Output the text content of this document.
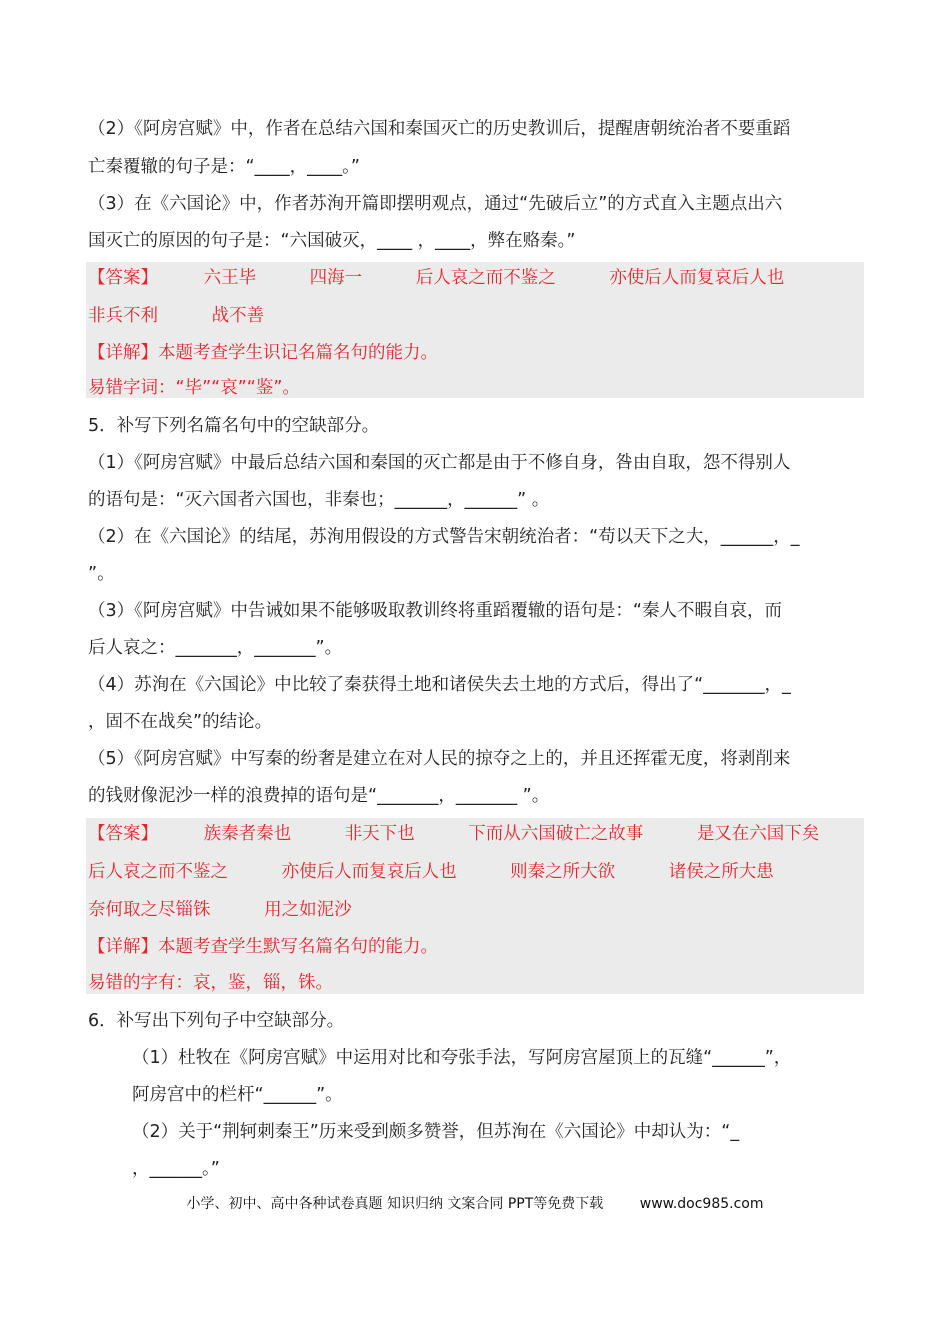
（2）《阿房宫赋》中，作者在总结六国和秦国灭亡的历史教训后，提醒唐朝统治者不要重蹈
亡秦覆辙的句子是：“____，____。”
（3）在《六国论》中，作者苏洵开篇即摆明观点，通过“先破后立”的方式直入主题点出六
国灭亡的原因的句子是：“六国破灭，____ ，____，弊在赂秦。”
【答案】	六王毕	四海一	后人哀之而不鉴之	亦使后人而复哀后人也
非兵不利	战不善
【详解】本题考查学生识记名篇名句的能力。
易错字词：“毕”“哀”“鉴”。
5．补写下列名篇名句中的空缺部分。
（1）《阿房宫赋》中最后总结六国和秦国的灭亡都是由于不修自身，咎由自取，怨不得别人
的语句是：“灭六国者六国也，非秦也；______，______” 。
（2）在《六国论》的结尾，苏洵用假设的方式警告宋朝统治者：“苟以天下之大，______，_
”。
（3）《阿房宫赋》中告诫如果不能够吸取教训终将重蹈覆辙的语句是：“秦人不暇自哀，而
后人哀之：_______，_______”。
（4）苏洵在《六国论》中比较了秦获得土地和诸侯失去土地的方式后，得出了“_______，_
，固不在战矣”的结论。
（5）《阿房宫赋》中写秦的纷奢是建立在对人民的掠夺之上的，并且还挥霍无度，将剥削来
的钱财像泥沙一样的浪费掉的语句是“_______，_______ ”。
【答案】	族秦者秦也	非天下也	下而从六国破亡之故事	是又在六国下矣
后人哀之而不鉴之	亦使后人而复哀后人也	则秦之所大欲	诸侯之所大患
奈何取之尽锱铢	用之如泥沙
【详解】本题考查学生默写名篇名句的能力。
易错的字有：哀，鉴，锱，铢。
6．补写出下列句子中空缺部分。
（1）杜牧在《阿房宫赋》中运用对比和夸张手法，写阿房宫屋顶上的瓦缝“______”，
阿房宫中的栏杆“______”。
（2）关于“荆轲刺秦王”历来受到颇多赞誉，但苏洵在《六国论》中却认为：“_
，______。”
小学、初中、高中各种试卷真题 知识归纳 文案合同 PPT等免费下载	www.doc985.com
